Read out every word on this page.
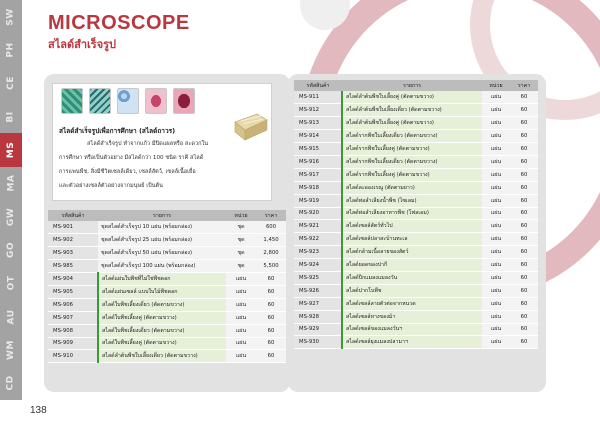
SW
PH
CE
BI
MS
MA
GW
GO
OT
AU
WM
CD
MICROSCOPE
สไลด์สำเร็จรูป
สไลด์สำเร็จรูปเพื่อการศึกษา (สไลด์ถาวร)
สไลด์สำเร็จรูป ทำจากแก้ว มีปิดแผลหรือ สะดวกใน
การศึกษา หรือเป็นตัวอย่าง มีสไลด์กว่า 100 ชนิด ราคี สไลด์
การแพนพืช, สิ่งมีชีวิตเซลล์เดียว, เซลล์สัตว์, เซลล์เนื้อเยื่อ
และตัวอย่างเซลล์ตัวอย่างจากมนุษย์ เป็นต้น
รหัสสินค้า	รายการ	หน่วย	ราคา
MS-901	ชุดสไลด์สำเร็จรูป 10 แผ่น (พร้อมกล่อง)	ชุด	600
MS-902	ชุดสไลด์สำเร็จรูป 25 แผ่น (พร้อมกล่อง)	ชุด	1,450
MS-903	ชุดสไลด์สำเร็จรูป 50 แผ่น (พร้อมกล่อง)	ชุด	2,800
MS-985	ชุดสไลด์สำเร็จรูป 100 แผ่น (พร้อมกล่อง)	ชุด	5,500
MS-904	สไลด์แผ่นใบพืชที่ไม่ใช่พืชดอก	แผ่น	60
MS-905	สไลด์แผ่นเซลล์ แบบใบไม้พืชดอก	แผ่น	60
MS-906	สไลด์ใบพืชเลี้ยงเดี่ยว (ตัดตามขวาง)	แผ่น	60
MS-907	สไลด์ใบพืชเลี้ยงคู่ (ตัดตามขวาง)	แผ่น	60
MS-908	สไลด์ใบพืชเลี้ยงเดี่ยว (ตัดตามขวาง)	แผ่น	60
MS-909	สไลด์ใบพืชเลี้ยงคู่ (ตัดตามขวาง)	แผ่น	60
MS-910	สไลด์ลำต้นพืชใบเลี้ยงเดี่ยว (ตัดตามขวาง)	แผ่น	60
รหัสสินค้า	รายการ	หน่วย	ราคา
MS-911	สไลด์ลำต้นพืชใบเลี้ยงคู่ (ตัดตามขวาง)	แผ่น	60
MS-912	สไลด์ลำต้นพืชใบเลี้ยงเดี่ยว (ตัดตามขวาง)	แผ่น	60
MS-913	สไลด์ลำต้นพืชใบเลี้ยงคู่ (ตัดตามขวาง)	แผ่น	60
MS-914	สไลด์รากพืชใบเลี้ยงเดี่ยว (ตัดตามขวาง)	แผ่น	60
MS-915	สไลด์รากพืชใบเลี้ยงคู่ (ตัดตามขวาง)	แผ่น	60
MS-916	สไลด์รากพืชใบเลี้ยงเดี่ยว (ตัดตามขวาง)	แผ่น	60
MS-917	สไลด์รากพืชใบเลี้ยงคู่ (ตัดตามขวาง)	แผ่น	60
MS-918	สไลด์ละอองเรณู (ตัดตามยาว)	แผ่น	60
MS-919	สไลด์ท่อลำเลียงน้ำพืช (ไซเลม)	แผ่น	60
MS-920	สไลด์ท่อลำเลียงอาหารพืช (โฟลเอม)	แผ่น	60
MS-921	สไลด์เซลล์สัตว์ทั่วไป	แผ่น	60
MS-922	สไลด์เซลล์ปลาสะบ้านทะเล	แผ่น	60
MS-923	สไลด์กล้ามเนื้อลายของสัตว์	แผ่น	60
MS-924	สไลด์ยอดของปากี	แผ่น	60
MS-925	สไลด์ปีกแมลงแมลงวัน	แผ่น	60
MS-926	สไลด์ปากโบพืช	แผ่น	60
MS-927	สไลด์เซลล์ลายตัวต่อจากหนวด	แผ่น	60
MS-928	สไลด์เซลล์หางของม้า	แผ่น	60
MS-929	สไลด์เซลล์ของแมลงวันฯ	แผ่น	60
MS-930	สไลด์เซลล์ยุงแมลงปลามาฯ	แผ่น	60
138
